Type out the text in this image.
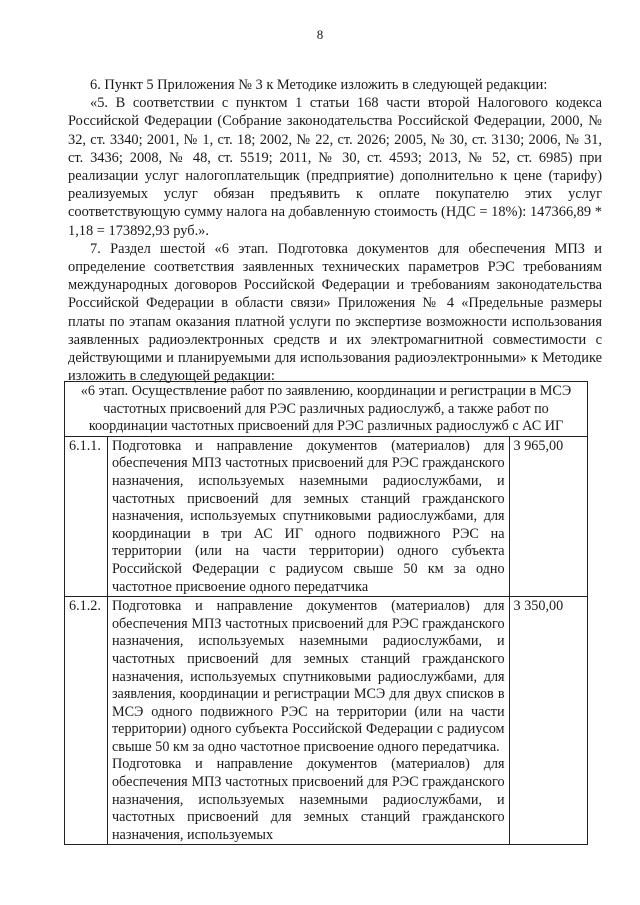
8

6. Пункт 5 Приложения № 3 к Методике изложить в следующей редакции:

«5. В соответствии с пунктом 1 статьи 168 части второй Налогового кодекса Российской Федерации (Собрание законодательства Российской Федерации, 2000, № 32, ст. 3340; 2001, № 1, ст. 18; 2002, № 22, ст. 2026; 2005, № 30, ст. 3130; 2006, № 31, ст. 3436; 2008, № 48, ст. 5519; 2011, № 30, ст. 4593; 2013, № 52, ст. 6985) при реализации услуг налогоплательщик (предприятие) дополнительно к цене (тарифу) реализуемых услуг обязан предъявить к оплате покупателю этих услуг соответствующую сумму налога на добавленную стоимость (НДС = 18%): 147366,89 * 1,18 = 173892,93 руб.».

7. Раздел шестой «6 этап. Подготовка документов для обеспечения МПЗ и определение соответствия заявленных технических параметров РЭС требованиям международных договоров Российской Федерации и требованиям законодательства Российской Федерации в области связи» Приложения № 4 «Предельные размеры платы по этапам оказания платной услуги по экспертизе возможности использования заявленных радиоэлектронных средств и их электромагнитной совместимости с действующими и планируемыми для использования радиоэлектронными» к Методике изложить в следующей редакции:

«6 этап. Осуществление работ по заявлению, координации и регистрации в МСЭ частотных присвоений для РЭС различных радиослужб, а также работ по координации частотных присвоений для РЭС различных радиослужб с АС ИГ		
6.1.1.	Подготовка и направление документов (материалов) для обеспечения МПЗ частотных присвоений для РЭС гражданского назначения, используемых наземными радиослужбами, и частотных присвоений для земных станций гражданского назначения, используемых спутниковыми радиослужбами, для координации в три АС ИГ одного подвижного РЭС на территории (или на части территории) одного субъекта Российской Федерации с радиусом свыше 50 км за одно частотное присвоение одного передатчика	3 965,00
6.1.2.	Подготовка и направление документов (материалов) для обеспечения МПЗ частотных присвоений для РЭС гражданского назначения, используемых наземными радиослужбами, и частотных присвоений для земных станций гражданского назначения, используемых спутниковыми радиослужбами, для заявления, координации и регистрации МСЭ для двух списков в МСЭ одного подвижного РЭС на территории (или на части территории) одного субъекта Российской Федерации с радиусом свыше 50 км за одно частотное присвоение одного передатчика.
Подготовка и направление документов (материалов) для обеспечения МПЗ частотных присвоений для РЭС гражданского назначения, используемых наземными радиослужбами, и частотных присвоений для земных станций гражданского назначения, используемых	3 350,00
